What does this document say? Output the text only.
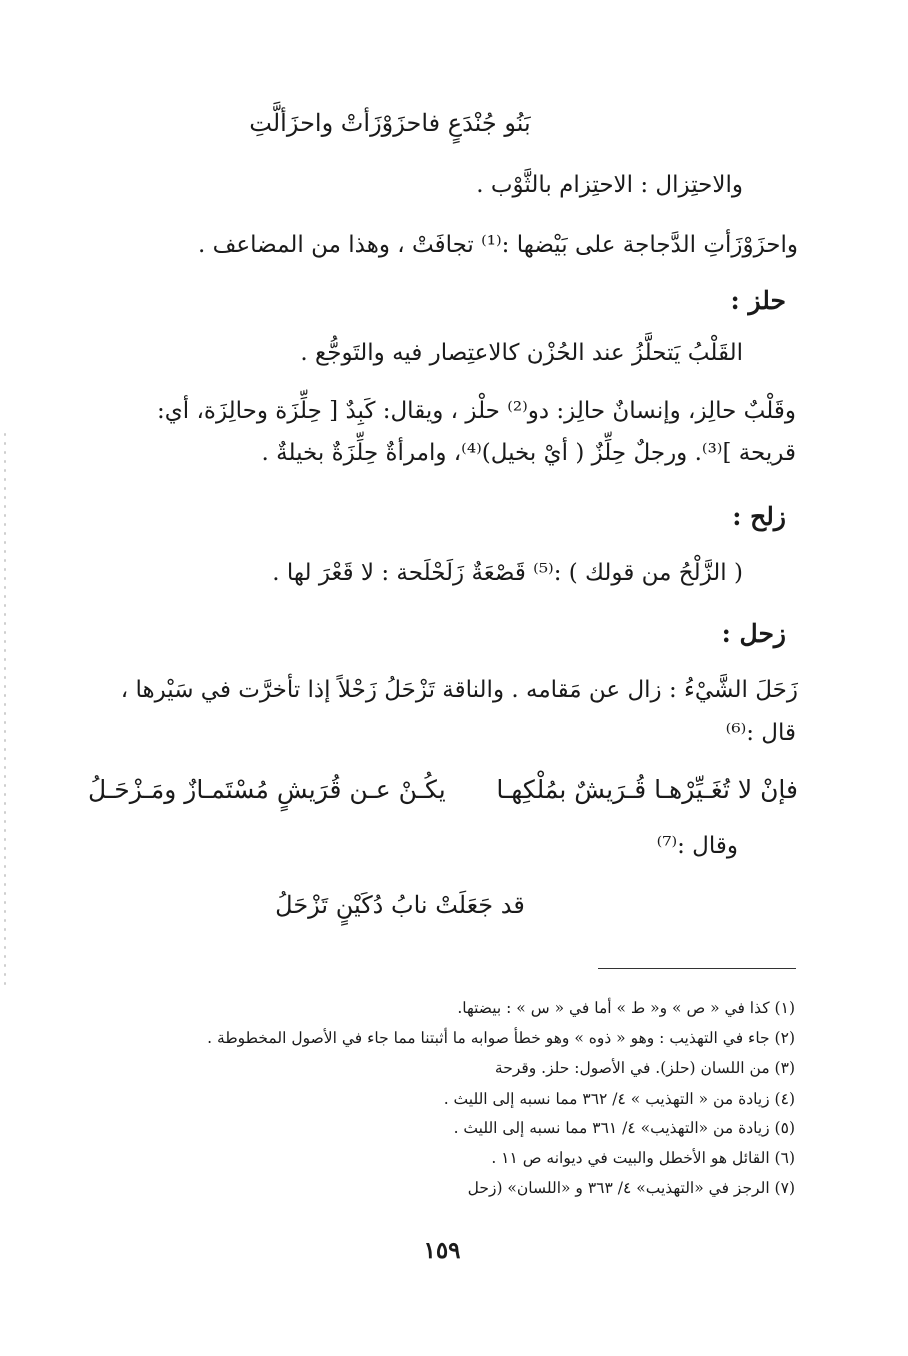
بَنُو جُنْدَعٍ فاحزَوْزَأتْ واحزَألَّتِ
والاحتِزال : الاحتِزام بالثَّوْب .
واحزَوْزَأتِ الدَّجاجة على بَيْضها :⁽¹⁾ تجافَتْ ، وهذا من المضاعف .
حلز :
القَلْبُ يَتحلَّزُ عند الحُزْن كالاعتِصار فيه والتَوجُّع .
وقَلْبٌ حالِز، وإنسانٌ حالِز: دو⁽²⁾ حلْز ، ويقال: كَبِدٌ [ حِلِّزَة وحالِزَة، أي:
قريحة ]⁽³⁾. ورجلٌ حِلِّزٌ ( أيْ بخيل)⁽⁴⁾، وامرأةٌ حِلِّزَةٌ بخيلةٌ .
زلح :
( الزَّلْحُ من قولك ) :⁽⁵⁾ قَصْعَةٌ زَلَحْلَحة : لا قَعْرَ لها .
زحل :
زَحَلَ الشَّيْءُ : زال عن مَقامه . والناقة تَزْحَلُ زَحْلاً إذا تأخرَّت في سَيْرها ،
قال :⁽⁶⁾
فإنْ لا تُغَـيِّرْهـا قُـرَيشٌ بمُلْكِهـا
يكُـنْ عـن قُرَيشٍ مُسْتَمـازٌ ومَـزْحَـلُ
وقال :⁽⁷⁾
قد جَعَلَتْ نابُ دُكَيْنٍ تَزْحَلُ
(١) كذا في « ص » و« ط » أما في « س » : بيضتها.
(٢) جاء في التهذيب : وهو « ذوه » وهو خطأ صوابه ما أثبتنا مما جاء في الأصول المخطوطة .
(٣) من اللسان (حلز). في الأصول: حلز. وقرحة
(٤) زيادة من « التهذيب » ٤/ ٣٦٢ مما نسبه إلى الليث .
(٥) زيادة من «التهذيب» ٤/ ٣٦١ مما نسبه إلى الليث .
(٦) القائل هو الأخطل والبيت في ديوانه ص ١١ .
(٧) الرجز في «التهذيب» ٤/ ٣٦٣ و «اللسان» (زحل
١٥٩
